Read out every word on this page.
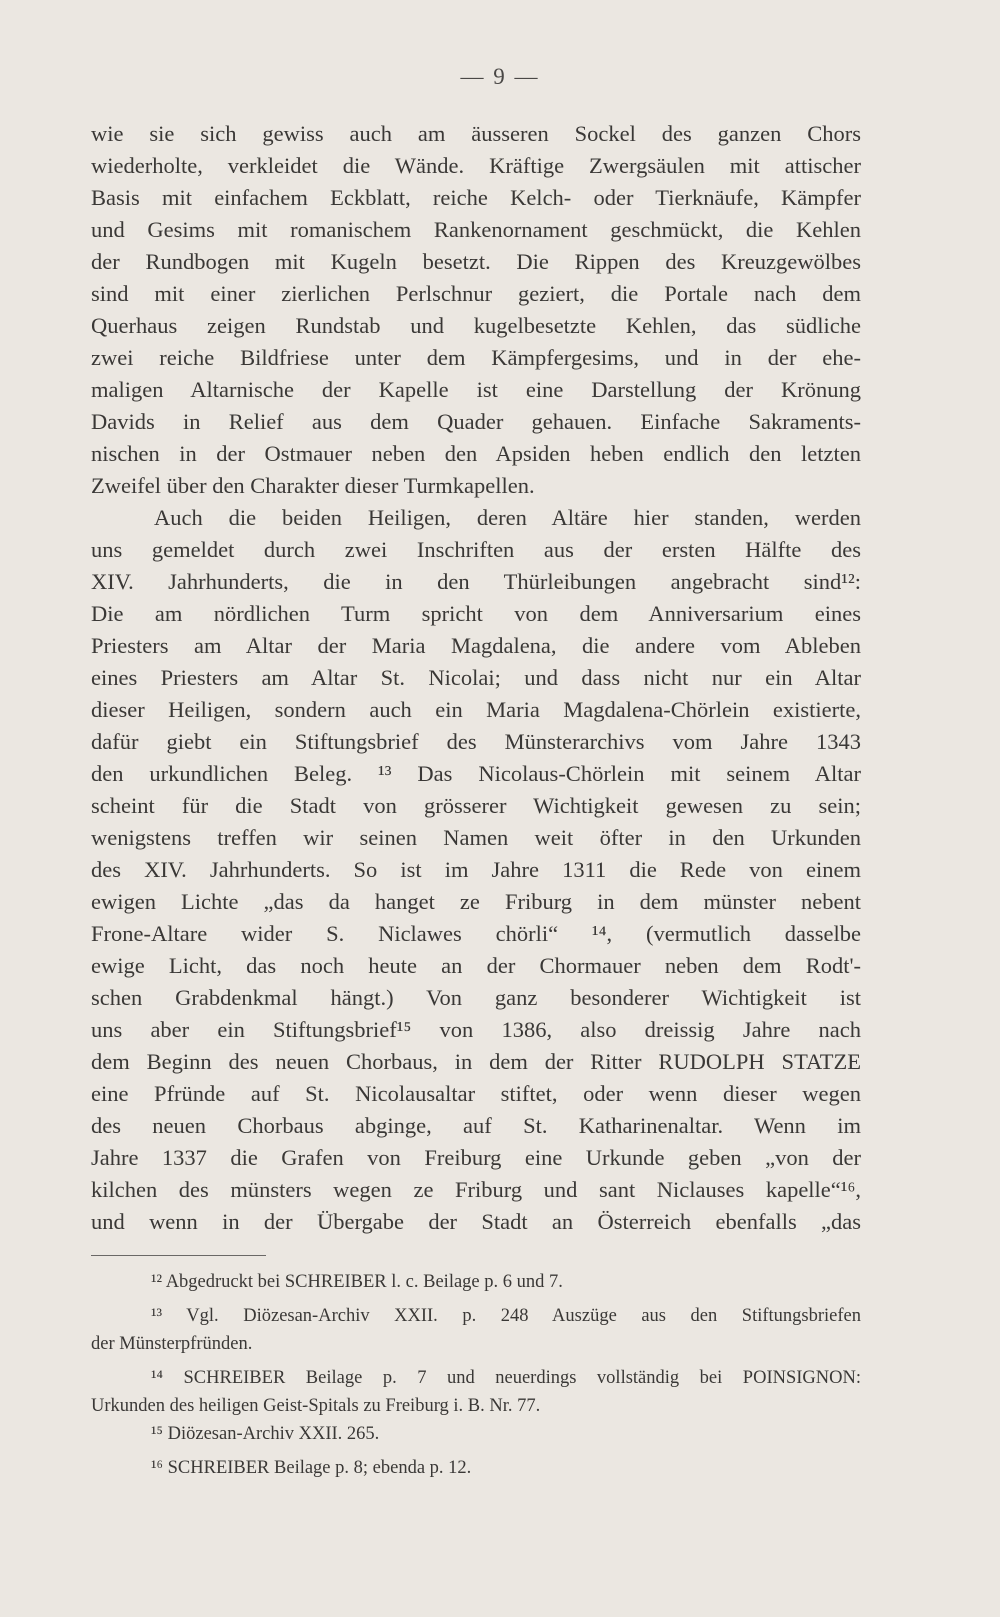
— 9 —
wie sie sich gewiss auch am äusseren Sockel des ganzen Chors
wiederholte, verkleidet die Wände. Kräftige Zwergsäulen mit attischer
Basis mit einfachem Eckblatt, reiche Kelch- oder Tierknäufe, Kämpfer
und Gesims mit romanischem Rankenornament geschmückt, die Kehlen
der Rundbogen mit Kugeln besetzt. Die Rippen des Kreuzgewölbes
sind mit einer zierlichen Perlschnur geziert, die Portale nach dem
Querhaus zeigen Rundstab und kugelbesetzte Kehlen, das südliche
zwei reiche Bildfriese unter dem Kämpfergesims, und in der ehe-
maligen Altarnische der Kapelle ist eine Darstellung der Krönung
Davids in Relief aus dem Quader gehauen. Einfache Sakraments-
nischen in der Ostmauer neben den Apsiden heben endlich den letzten
Zweifel über den Charakter dieser Turmkapellen.
Auch die beiden Heiligen, deren Altäre hier standen, werden
uns gemeldet durch zwei Inschriften aus der ersten Hälfte des
XIV. Jahrhunderts, die in den Thürleibungen angebracht sind¹²:
Die am nördlichen Turm spricht von dem Anniversarium eines
Priesters am Altar der Maria Magdalena, die andere vom Ableben
eines Priesters am Altar St. Nicolai; und dass nicht nur ein Altar
dieser Heiligen, sondern auch ein Maria Magdalena-Chörlein existierte,
dafür giebt ein Stiftungsbrief des Münsterarchivs vom Jahre 1343
den urkundlichen Beleg. ¹³ Das Nicolaus-Chörlein mit seinem Altar
scheint für die Stadt von grösserer Wichtigkeit gewesen zu sein;
wenigstens treffen wir seinen Namen weit öfter in den Urkunden
des XIV. Jahrhunderts. So ist im Jahre 1311 die Rede von einem
ewigen Lichte „das da hanget ze Friburg in dem münster nebent
Frone-Altare wider S. Niclawes chörli“ ¹⁴, (vermutlich dasselbe
ewige Licht, das noch heute an der Chormauer neben dem Rodt'-
schen Grabdenkmal hängt.) Von ganz besonderer Wichtigkeit ist
uns aber ein Stiftungsbrief¹⁵ von 1386, also dreissig Jahre nach
dem Beginn des neuen Chorbaus, in dem der Ritter RUDOLPH STATZE
eine Pfründe auf St. Nicolausaltar stiftet, oder wenn dieser wegen
des neuen Chorbaus abginge, auf St. Katharinenaltar. Wenn im
Jahre 1337 die Grafen von Freiburg eine Urkunde geben „von der
kilchen des münsters wegen ze Friburg und sant Niclauses kapelle“¹⁶,
und wenn in der Übergabe der Stadt an Österreich ebenfalls „das
¹² Abgedruckt bei SCHREIBER l. c. Beilage p. 6 und 7.
¹³ Vgl. Diözesan-Archiv XXII. p. 248 Auszüge aus den Stiftungsbriefen
der Münsterpfründen.
¹⁴ SCHREIBER Beilage p. 7 und neuerdings vollständig bei POINSIGNON:
Urkunden des heiligen Geist-Spitals zu Freiburg i. B. Nr. 77.
¹⁵ Diözesan-Archiv XXII. 265.
¹⁶ SCHREIBER Beilage p. 8; ebenda p. 12.
